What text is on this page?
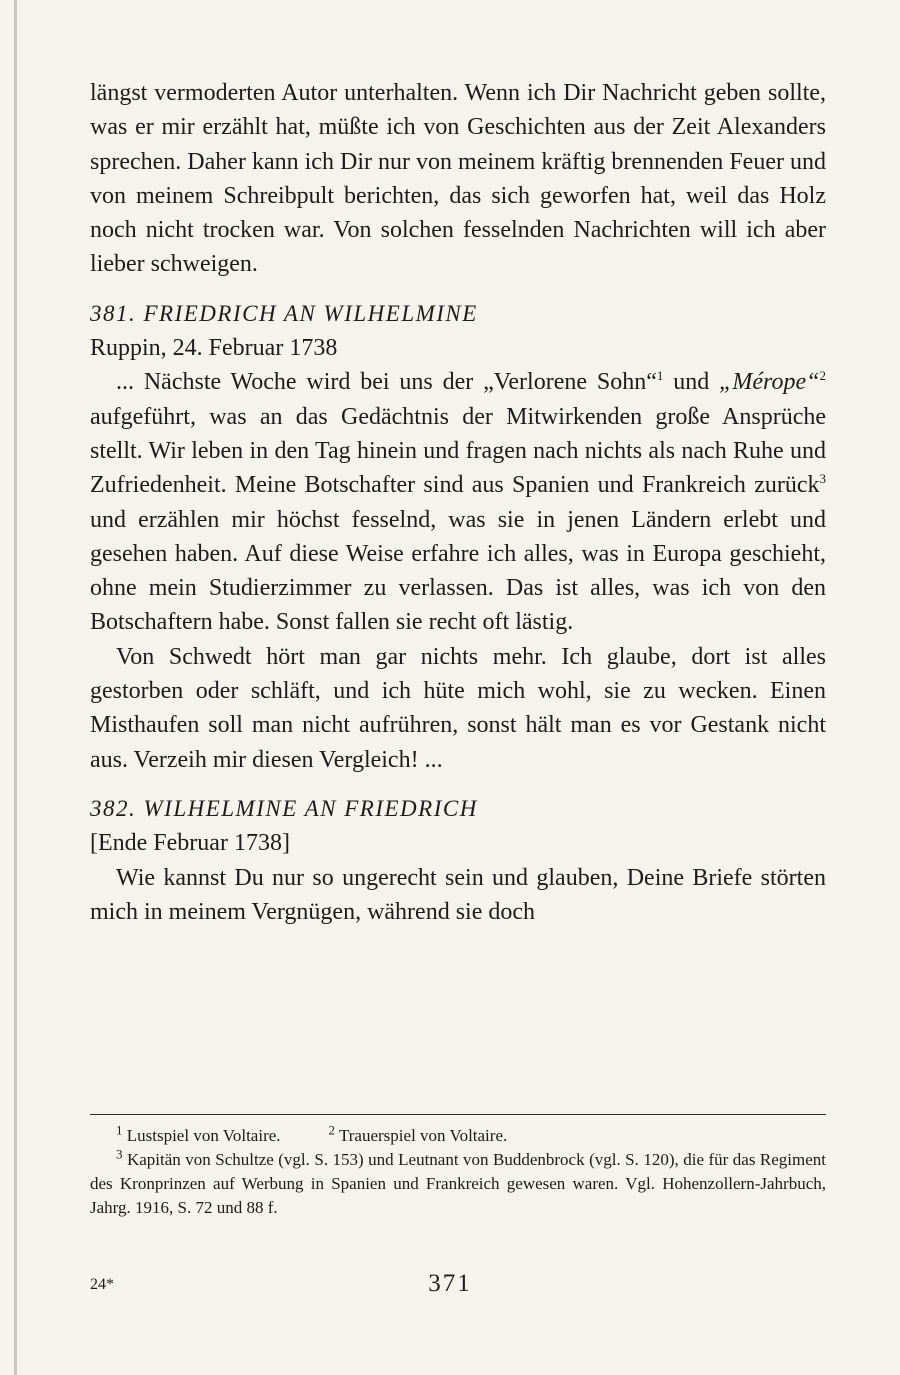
längst vermoderten Autor unterhalten. Wenn ich Dir Nachricht geben sollte, was er mir erzählt hat, müßte ich von Geschichten aus der Zeit Alexanders sprechen. Daher kann ich Dir nur von meinem kräftig brennenden Feuer und von meinem Schreibpult berichten, das sich geworfen hat, weil das Holz noch nicht trocken war. Von solchen fesselnden Nachrichten will ich aber lieber schweigen.

381. FRIEDRICH AN WILHELMINE

Ruppin, 24. Februar 1738

... Nächste Woche wird bei uns der „Verlorene Sohn“$^1$ und „Mérope“$^2$ aufgeführt, was an das Gedächtnis der Mitwirkenden große Ansprüche stellt. Wir leben in den Tag hinein und fragen nach nichts als nach Ruhe und Zufriedenheit. Meine Botschafter sind aus Spanien und Frankreich zurück$^3$ und erzählen mir höchst fesselnd, was sie in jenen Ländern erlebt und gesehen haben. Auf diese Weise erfahre ich alles, was in Europa geschieht, ohne mein Studierzimmer zu verlassen. Das ist alles, was ich von den Botschaftern habe. Sonst fallen sie recht oft lästig.

Von Schwedt hört man gar nichts mehr. Ich glaube, dort ist alles gestorben oder schläft, und ich hüte mich wohl, sie zu wecken. Einen Misthaufen soll man nicht aufrühren, sonst hält man es vor Gestank nicht aus. Verzeih mir diesen Vergleich! ...

382. WILHELMINE AN FRIEDRICH

[Ende Februar 1738]

Wie kannst Du nur so ungerecht sein und glauben, Deine Briefe störten mich in meinem Vergnügen, während sie doch

$^1$ Lustspiel von Voltaire.	$^2$ Trauerspiel von Voltaire.

$^3$ Kapitän von Schultze (vgl. S. 153) und Leutnant von Buddenbrock (vgl. S. 120), die für das Regiment des Kronprinzen auf Werbung in Spanien und Frankreich gewesen waren. Vgl. Hohenzollern-Jahrbuch, Jahrg. 1916, S. 72 und 88 f.

24*	371
